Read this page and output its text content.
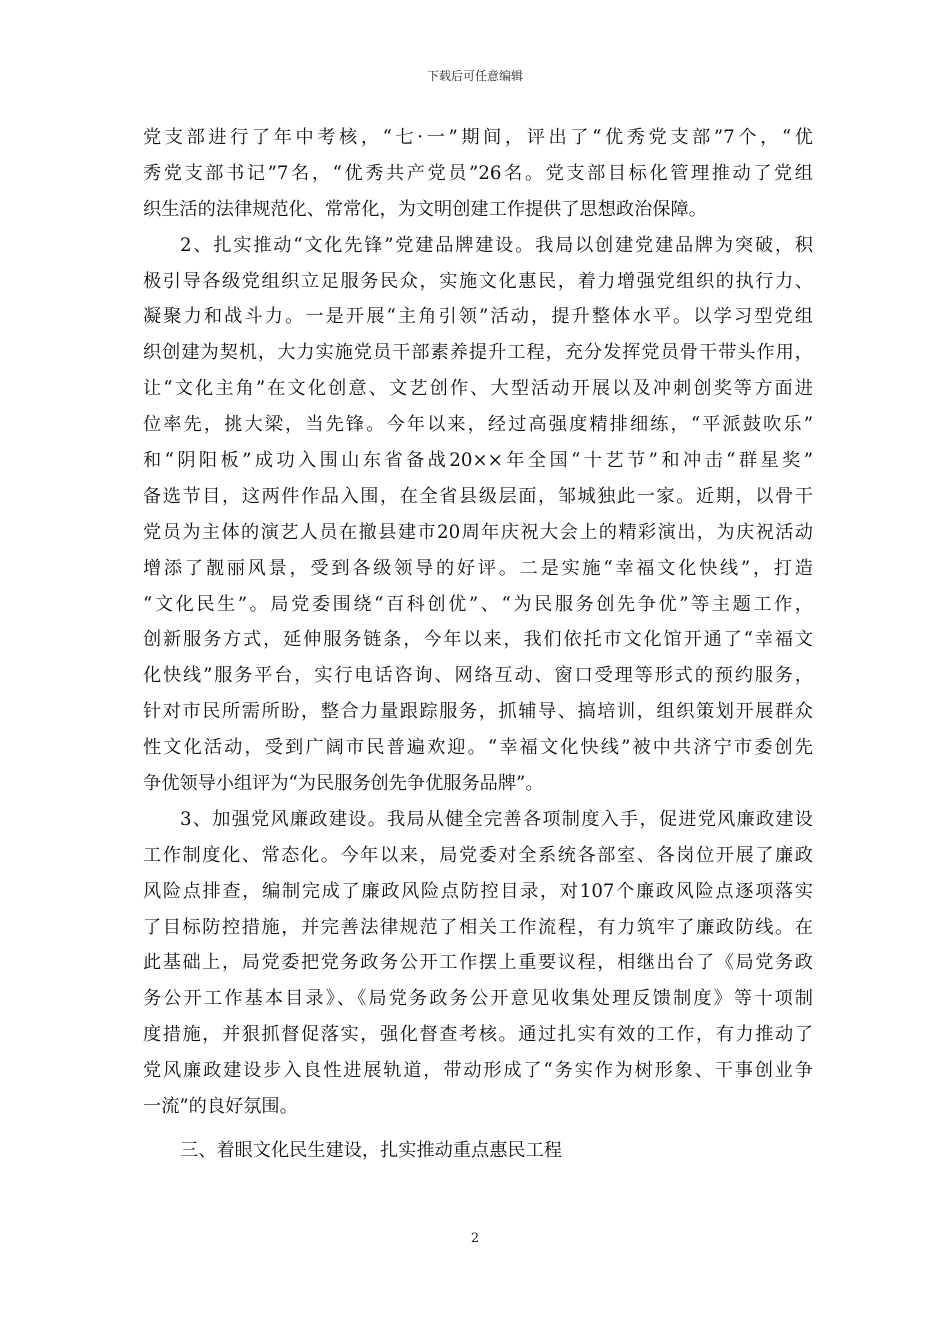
下载后可任意编辑
党支部进行了年中考核，“七·一”期间，评出了“优秀党支部”7个，“优
秀党支部书记”7名，“优秀共产党员”26名。党支部目标化管理推动了党组
织生活的法律规范化、常常化，为文明创建工作提供了思想政治保障。
2、扎实推动“文化先锋”党建品牌建设。我局以创建党建品牌为突破，积
极引导各级党组织立足服务民众，实施文化惠民，着力增强党组织的执行力、
凝聚力和战斗力。一是开展“主角引领”活动，提升整体水平。以学习型党组
织创建为契机，大力实施党员干部素养提升工程，充分发挥党员骨干带头作用，
让“文化主角”在文化创意、文艺创作、大型活动开展以及冲刺创奖等方面进
位率先，挑大梁，当先锋。今年以来，经过高强度精排细练，“平派鼓吹乐”
和“阴阳板”成功入围山东省备战20××年全国“十艺节”和冲击“群星奖”
备选节目，这两件作品入围，在全省县级层面，邹城独此一家。近期，以骨干
党员为主体的演艺人员在撤县建市20周年庆祝大会上的精彩演出，为庆祝活动
增添了靓丽风景，受到各级领导的好评。二是实施“幸福文化快线”，打造
“文化民生”。局党委围绕“百科创优”、“为民服务创先争优”等主题工作，
创新服务方式，延伸服务链条，今年以来，我们依托市文化馆开通了“幸福文
化快线”服务平台，实行电话咨询、网络互动、窗口受理等形式的预约服务，
针对市民所需所盼，整合力量跟踪服务，抓辅导、搞培训，组织策划开展群众
性文化活动，受到广阔市民普遍欢迎。“幸福文化快线”被中共济宁市委创先
争优领导小组评为“为民服务创先争优服务品牌”。
3、加强党风廉政建设。我局从健全完善各项制度入手，促进党风廉政建设
工作制度化、常态化。今年以来，局党委对全系统各部室、各岗位开展了廉政
风险点排查，编制完成了廉政风险点防控目录，对107个廉政风险点逐项落实
了目标防控措施，并完善法律规范了相关工作流程，有力筑牢了廉政防线。在
此基础上，局党委把党务政务公开工作摆上重要议程，相继出台了《局党务政
务公开工作基本目录》、《局党务政务公开意见收集处理反馈制度》等十项制
度措施，并狠抓督促落实，强化督查考核。通过扎实有效的工作，有力推动了
党风廉政建设步入良性进展轨道，带动形成了“务实作为树形象、干事创业争
一流”的良好氛围。
三、着眼文化民生建设，扎实推动重点惠民工程
2
